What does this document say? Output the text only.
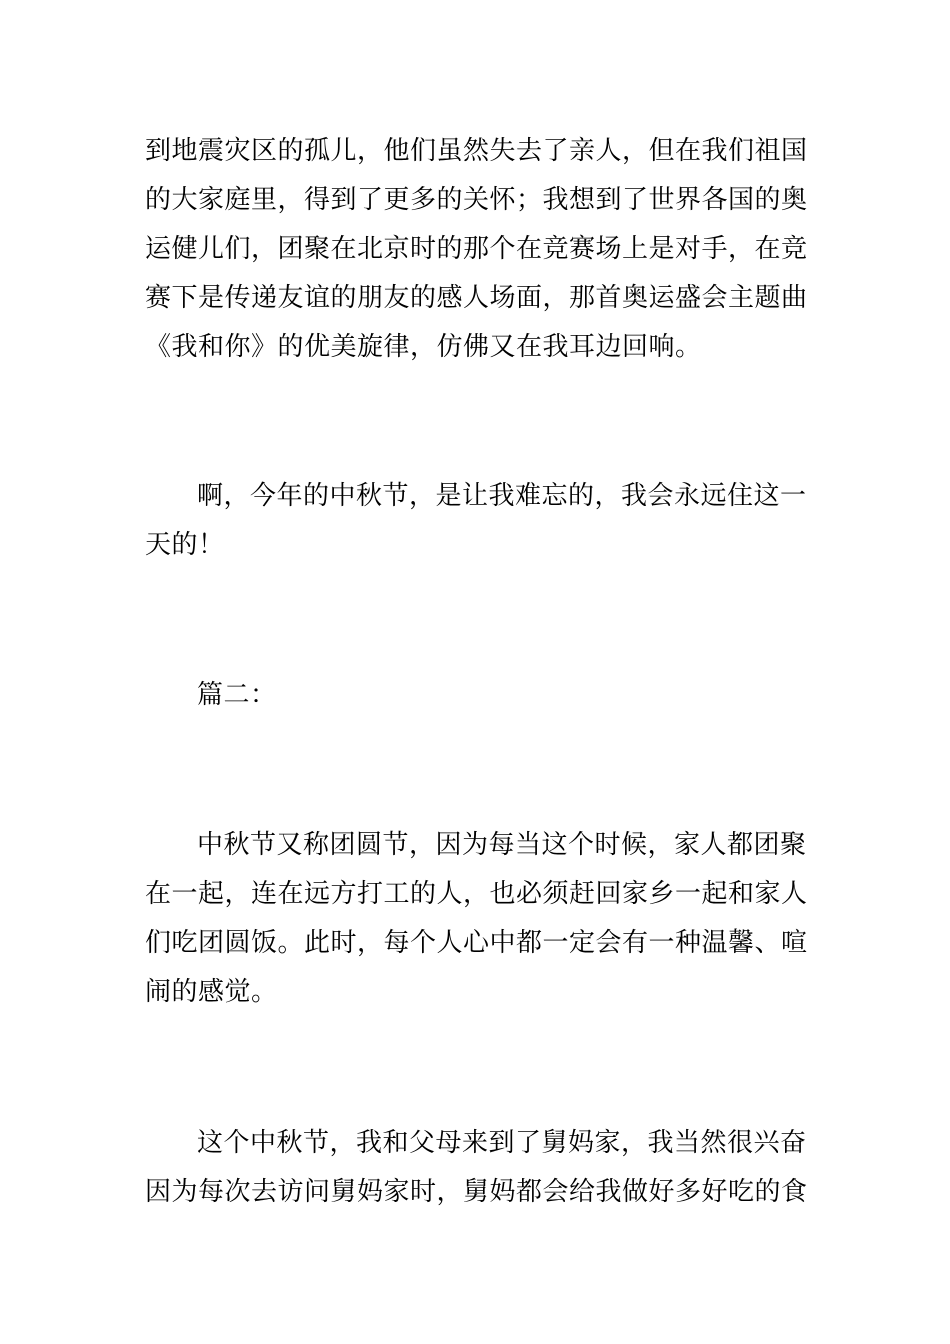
到地震灾区的孤儿，他们虽然失去了亲人，但在我们祖国
的大家庭里，得到了更多的关怀；我想到了世界各国的奥
运健儿们，团聚在北京时的那个在竞赛场上是对手，在竞
赛下是传递友谊的朋友的感人场面，那首奥运盛会主题曲
《我和你》的优美旋律，仿佛又在我耳边回响。
啊，今年的中秋节，是让我难忘的，我会永远住这一
天的！
篇二：
中秋节又称团圆节，因为每当这个时候，家人都团聚
在一起，连在远方打工的人，也必须赶回家乡一起和家人
们吃团圆饭。此时，每个人心中都一定会有一种温馨、喧
闹的感觉。
这个中秋节，我和父母来到了舅妈家，我当然很兴奋
因为每次去访问舅妈家时，舅妈都会给我做好多好吃的食
